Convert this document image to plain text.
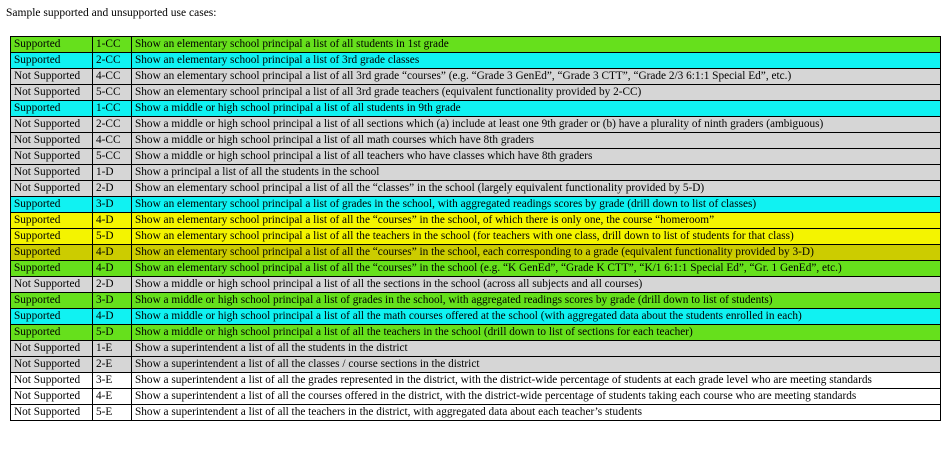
Sample supported and unsupported use cases:
Supported	1-CC	Show an elementary school principal a list of all students in 1st grade
Supported	2-CC	Show an elementary school principal a list of 3rd grade classes
Not Supported	4-CC	Show an elementary school principal a list of all 3rd grade “courses” (e.g. “Grade 3 GenEd”, “Grade 3 CTT”, “Grade 2/3 6:1:1 Special Ed”, etc.)
Not Supported	5-CC	Show an elementary school principal a list of all 3rd grade teachers (equivalent functionality provided by 2-CC)
Supported	1-CC	Show a middle or high school principal a list of all students in 9th grade
Not Supported	2-CC	Show a middle or high school principal a list of all sections which (a) include at least one 9th grader or (b) have a plurality of ninth graders (ambiguous)
Not Supported	4-CC	Show a middle or high school principal a list of all math courses which have 8th graders
Not Supported	5-CC	Show a middle or high school principal a list of all teachers who have classes which have 8th graders
Not Supported	1-D	Show a principal a list of all the students in the school
Not Supported	2-D	Show an elementary school principal a list of all the “classes” in the school (largely equivalent functionality provided by 5-D)
Supported	3-D	Show an elementary school principal a list of grades in the school, with aggregated readings scores by grade (drill down to list of classes)
Supported	4-D	Show an elementary school principal a list of all the “courses” in the school, of which there is only one, the course “homeroom”
Supported	5-D	Show an elementary school principal a list of all the teachers in the school (for teachers with one class, drill down to list of students for that class)
Supported	4-D	Show an elementary school principal a list of all the “courses” in the school, each corresponding to a grade (equivalent functionality provided by 3-D)
Supported	4-D	Show an elementary school principal a list of all the “courses” in the school (e.g. “K GenEd”, “Grade K CTT”, “K/1 6:1:1 Special Ed”, “Gr. 1 GenEd”, etc.)
Not Supported	2-D	Show a middle or high school principal a list of all the sections in the school (across all subjects and all courses)
Supported	3-D	Show a middle or high school principal a list of grades in the school, with aggregated readings scores by grade (drill down to list of students)
Supported	4-D	Show a middle or high school principal a list of all the math courses offered at the school (with aggregated data about the students enrolled in each)
Supported	5-D	Show a middle or high school principal a list of all the teachers in the school (drill down to list of sections for each teacher)
Not Supported	1-E	Show a superintendent a list of all the students in the district
Not Supported	2-E	Show a superintendent a list of all the classes / course sections in the district
Not Supported	3-E	Show a superintendent a list of all the grades represented in the district, with the district-wide percentage of students at each grade level who are meeting standards
Not Supported	4-E	Show a superintendent a list of all the courses offered in the district, with the district-wide percentage of students taking each course who are meeting standards
Not Supported	5-E	Show a superintendent a list of all the teachers in the district, with aggregated data about each teacher’s students
